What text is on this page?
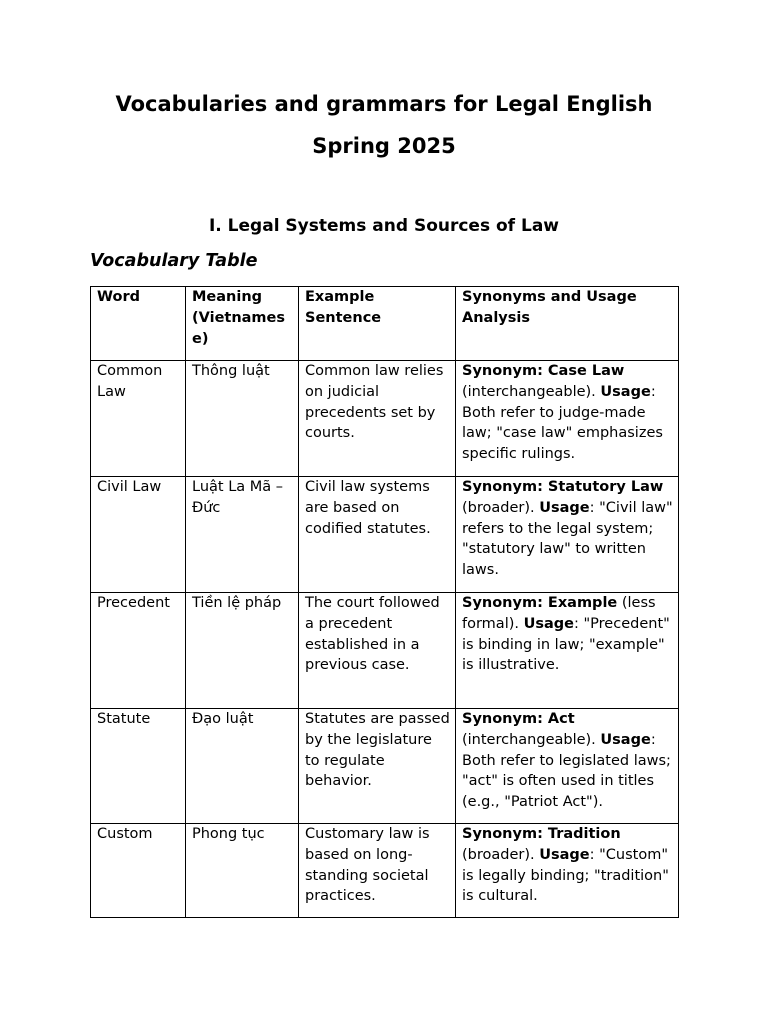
Vocabularies and grammars for Legal English
Spring 2025
I. Legal Systems and Sources of Law
Vocabulary Table
Word	Meaning (Vietnamese)	Example Sentence	Synonyms and Usage Analysis
Common Law	Thông luật	Common law relies on judicial precedents set by courts.	Synonym: Case Law (interchangeable). Usage: Both refer to judge-made law; "case law" emphasizes specific rulings.
Civil Law	Luật La Mã – Đức	Civil law systems are based on codified statutes.	Synonym: Statutory Law (broader). Usage: "Civil law" refers to the legal system; "statutory law" to written laws.
Precedent	Tiền lệ pháp	The court followed a precedent established in a previous case.	Synonym: Example (less formal). Usage: "Precedent" is binding in law; "example" is illustrative.
Statute	Đạo luật	Statutes are passed by the legislature to regulate behavior.	Synonym: Act (interchangeable). Usage: Both refer to legislated laws; "act" is often used in titles (e.g., "Patriot Act").
Custom	Phong tục	Customary law is based on long-standing societal practices.	Synonym: Tradition (broader). Usage: "Custom" is legally binding; "tradition" is cultural.
